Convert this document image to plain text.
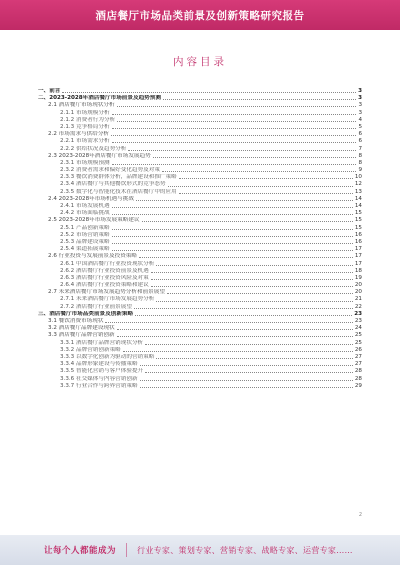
酒店餐厅市场品类前景及创新策略研究报告
内容目录
一、前言	3
二、2023-2028年酒店餐厅市场前景及趋势预测	3
2.1 酒店餐厅市场现状分析	3
2.1.1 市场规模分析	3
2.1.2 消费者行为分析	4
2.1.3 竞争格局分析	5
2.2 市场需求与供给分析	6
2.2.1 市场需求分析	6
2.2.2 供给状况及趋势分析	7
2.3 2023-2028年酒店餐厅市场发展趋势	8
2.3.1 市场规模预测	8
2.3.2 消费者需求和偏好变化趋势及对策	9
2.3.3 餐饮消费群体分析，品牌建设和推广策略	10
2.3.4 酒店餐厅与其他餐饮形式的竞争态势	12
2.3.5 数字化与智能化技术在酒店餐厅中的应用	13
2.4 2023-2028年市场机遇与挑战	14
2.4.1 市场发展机遇	14
2.4.2 市场面临挑战	15
2.5 2023-2028年市场发展策略建议	15
2.5.1 产品创新策略	15
2.5.2 市场营销策略	16
2.5.3 品牌建设策略	16
2.5.4 渠道拓展策略	17
2.6 行业投资与发展前景及投资策略	17
2.6.1 中国酒店餐厅行业投资现状分析	17
2.6.2 酒店餐厅行业投资前景及机遇	18
2.6.3 酒店餐厅行业投资风险及对策	19
2.6.4 酒店餐厅行业投资策略和建议	20
2.7 未来酒店餐厅市场发展趋势分析和前景展望	20
2.7.1 未来酒店餐厅市场发展趋势分析	21
2.7.2 酒店餐厅行业前景展望	22
三、酒店餐厅市场品类前景及创新策略	23
3.1 餐饮消费市场现状	23
3.2 酒店餐厅品牌建设现状	24
3.3 酒店餐厅品牌营销创新	25
3.3.1 酒店餐厅品牌营销现状分析	25
3.3.2 品牌营销创新策略	26
3.3.3 以数字化创新为驱动的营销策略	27
3.3.4 品牌形象建设与传播策略	27
3.3.5 智能化营销与客户体验提升	28
3.3.6 社交媒体与内容营销创新	28
3.3.7 行业合作与跨界营销策略	29
2
让每个人都能成为	行业专家、策划专家、营销专家、战略专家、运营专家……
